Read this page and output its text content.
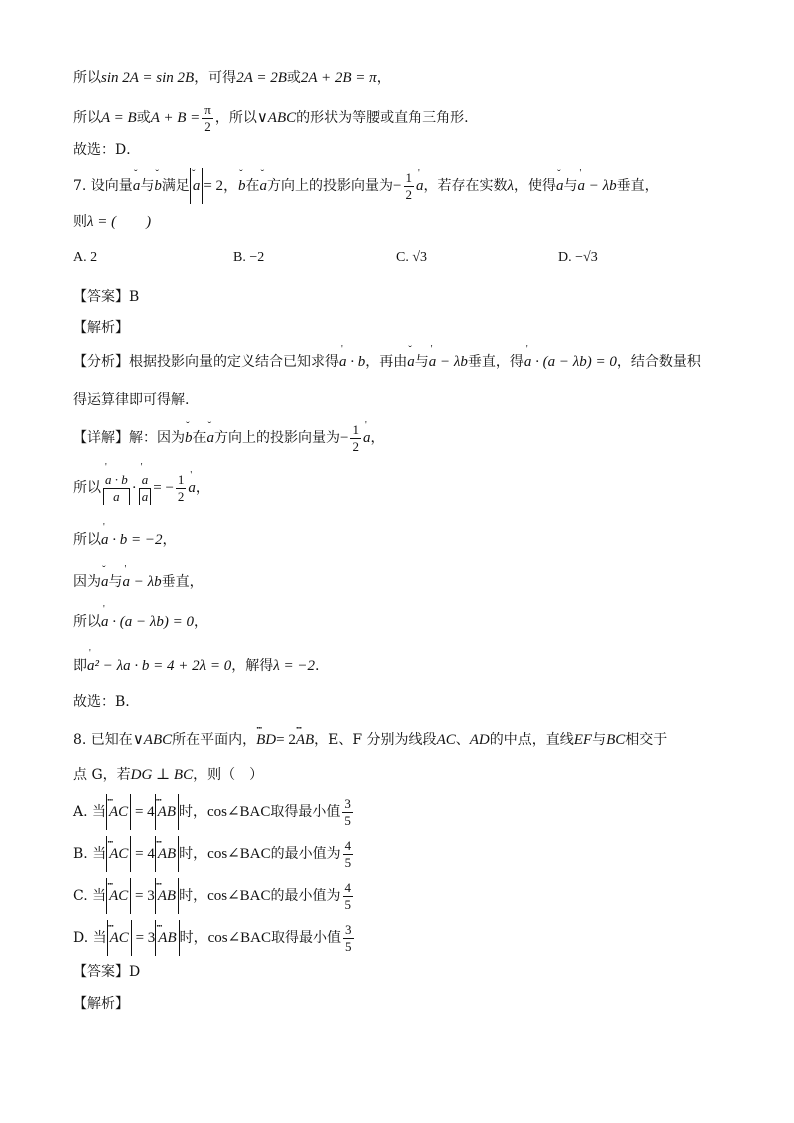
所以sin 2A = sin 2B，可得2A = 2B或2A + 2B = π，
所以A = B或$A + B = \frac{\pi}{2}$ ，所以∨ABC的形状为等腰或直角三角形.
故选：D．
7. 设向量ˇ a与ˇ b满足 ˇ a = 2，ˇ b在ˇ a方向上的投影向量为− $\frac{1}{2}$ ' a，若存在实数λ，使得ˇ a与' a − λb垂直，
则λ = (　　)
A. 2	B. −2	C. √3	D. −√3
【答案】B
【解析】
【分析】根据投影向量的定义结合已知求得' a · b，再由ˇ a与' a − λb垂直，得' a · (a − λb) = 0，结合数量积
得运算律即可得解.
【详解】解：因为ˇ b在ˇ a方向上的投影向量为− $\frac{1}{2}$ ' a，
所以 ' $\frac{a \cdot b}{a}$ · ' $\frac{a}{a}$ = − $\frac{1}{2}$ ' a，
所以' a · b = −2，
因为ˇ a与' a − λb垂直，
所以' a · (a − λb) = 0，
即' a² − λa · b = 4 + 2λ = 0，解得λ = −2.
故选：B.
8. 已知在∨ABC所在平面内，ꞏꞏꞏ BD= 2ꞏꞏꞏ AB，E、F 分别为线段AC、AD的中点，直线EF与BC相交于
点 G，若DG ⊥ BC，则（　）
A. 当 ꞏꞏꞏ AC = 4 ꞏꞏꞏ AB 时，cos∠BAC取得最小值 $\frac{3}{5}$
B. 当 ꞏꞏꞏ AC = 4 ꞏꞏꞏ AB 时，cos∠BAC的最小值为 $\frac{4}{5}$
C. 当 ꞏꞏꞏ AC = 3 ꞏꞏꞏ AB 时，cos∠BAC的最小值为 $\frac{4}{5}$
D. 当 ꞏꞏꞏ AC = 3 ꞏꞏꞏ AB 时，cos∠BAC取得最小值 $\frac{3}{5}$
【答案】D
【解析】
